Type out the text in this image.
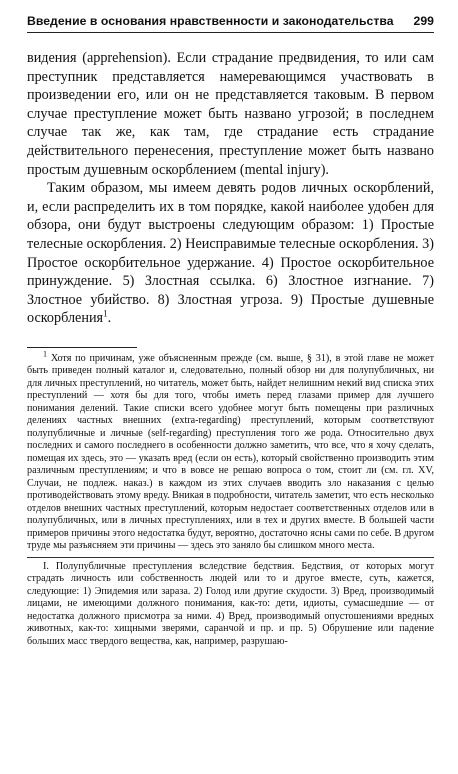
Введение в основания нравственности и законодательства 299

видения (apprehension). Если страдание предвидения, то или сам преступник представляется намеревающимся участвовать в произведении его, или он не представляется таковым. В первом случае преступление может быть названо угрозой; в последнем случае так же, как там, где страдание есть страдание действительного перенесения, преступление может быть названо простым душевным оскорблением (mental injury).

Таким образом, мы имеем девять родов личных оскорблений, и, если распределить их в том порядке, какой наиболее удобен для обзора, они будут выстроены следующим образом: 1) Простые телесные оскорбления. 2) Неисправимые телесные оскорбления. 3) Простое оскорбительное удержание. 4) Простое оскорбительное принуждение. 5) Злостная ссылка. 6) Злостное изгнание. 7) Злостное убийство. 8) Злостная угроза. 9) Простые душевные оскорбления$^1$.

$^1$ Хотя по причинам, уже объясненным прежде (см. выше, § 31), в этой главе не может быть приведен полный каталог и, следовательно, полный обзор ни для полупубличных, ни для личных преступлений, но читатель, может быть, найдет нелишним некий вид списка этих преступлений — хотя бы для того, чтобы иметь перед глазами пример для лучшего понимания делений. Такие списки всего удобнее могут быть помещены при различных делениях частных внешних (extra-regarding) преступлений, которым соответствуют полупубличные и личные (self-regarding) преступления того же рода. Относительно двух последних и самого последнего в особенности должно заметить, что все, что я хочу сделать, помещая их здесь, это — указать вред (если он есть), который свойственно производить этим различным преступлениям; и что в вовсе не решаю вопроса о том, стоит ли (см. гл. XV, Случаи, не подлеж. наказ.) в каждом из этих случаев вводить зло наказания с целью противодействовать этому вреду. Вникая в подробности, читатель заметит, что есть несколько отделов внешних частных преступлений, которым недостает соответственных отделов или в полупубличных, или в личных преступлениях, или в тех и других вместе. В большей части примеров причины этого недостатка будут, вероятно, достаточно ясны сами по себе. В другом труде мы разъясняем эти причины — здесь это заняло бы слишком много места.

I. Полупубличные преступления вследствие бедствия. Бедствия, от которых могут страдать личность или собственность людей или то и другое вместе, суть, кажется, следующие: 1) Эпидемия или зараза. 2) Голод или другие скудости. 3) Вред, производимый лицами, не имеющими должного понимания, как-то: дети, идиоты, сумасшедшие — от недостатка должного присмотра за ними. 4) Вред, производимый опустошениями вредных животных, как-то: хищными зверями, саранчой и пр. и пр. 5) Обрушение или падение больших масс твердого вещества, как, например, разрушаю-
